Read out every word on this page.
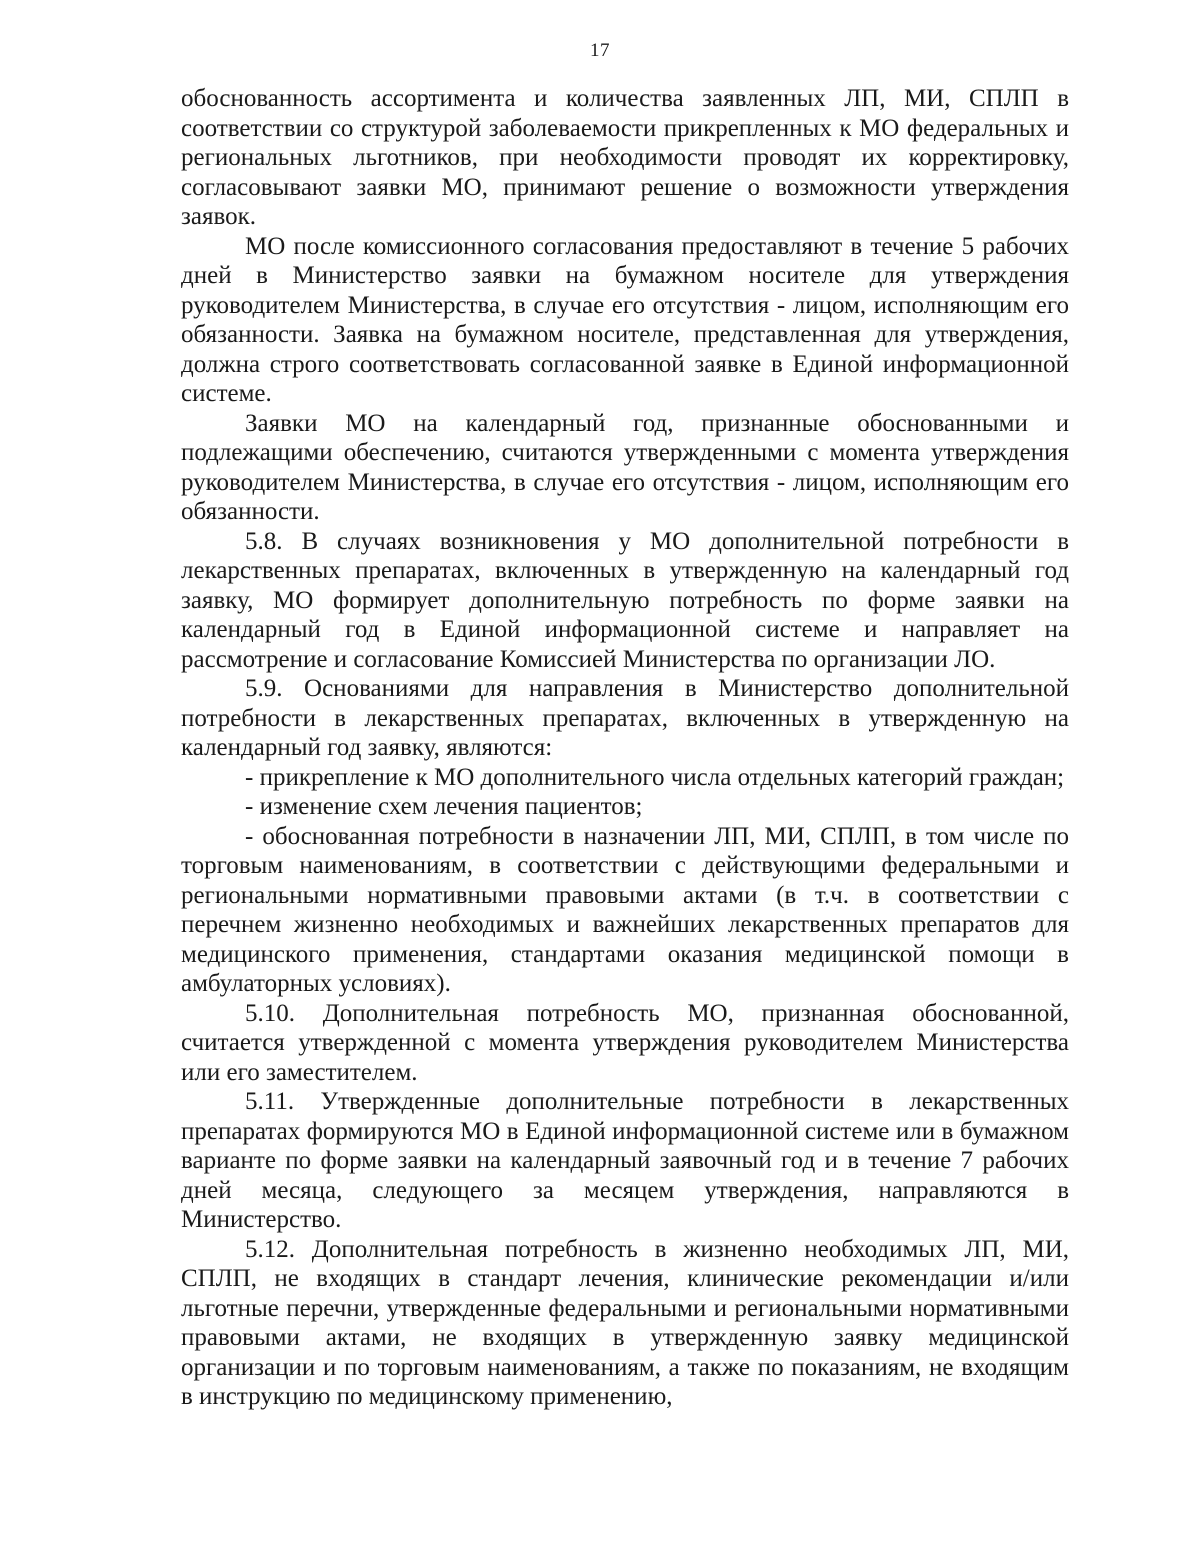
17

обоснованность ассортимента и количества заявленных ЛП, МИ, СПЛП в соответствии со структурой заболеваемости прикрепленных к МО федеральных и региональных льготников, при необходимости проводят их корректировку, согласовывают заявки МО, принимают решение о возможности утверждения заявок.

МО после комиссионного согласования предоставляют в течение 5 рабочих дней в Министерство заявки на бумажном носителе для утверждения руководителем Министерства, в случае его отсутствия - лицом, исполняющим его обязанности. Заявка на бумажном носителе, представленная для утверждения, должна строго соответствовать согласованной заявке в Единой информационной системе.

Заявки МО на календарный год, признанные обоснованными и подлежащими обеспечению, считаются утвержденными с момента утверждения руководителем Министерства, в случае его отсутствия - лицом, исполняющим его обязанности.

5.8. В случаях возникновения у МО дополнительной потребности в лекарственных препаратах, включенных в утвержденную на календарный год заявку, МО формирует дополнительную потребность по форме заявки на календарный год в Единой информационной системе и направляет на рассмотрение и согласование Комиссией Министерства по организации ЛО.

5.9. Основаниями для направления в Министерство дополнительной потребности в лекарственных препаратах, включенных в утвержденную на календарный год заявку, являются:

- прикрепление к МО дополнительного числа отдельных категорий граждан;

- изменение схем лечения пациентов;

- обоснованная потребности в назначении ЛП, МИ, СПЛП, в том числе по торговым наименованиям, в соответствии с действующими федеральными и региональными нормативными правовыми актами (в т.ч. в соответствии с перечнем жизненно необходимых и важнейших лекарственных препаратов для медицинского применения, стандартами оказания медицинской помощи в амбулаторных условиях).

5.10. Дополнительная потребность МО, признанная обоснованной, считается утвержденной с момента утверждения руководителем Министерства или его заместителем.

5.11. Утвержденные дополнительные потребности в лекарственных препаратах формируются МО в Единой информационной системе или в бумажном варианте по форме заявки на календарный заявочный год и в течение 7 рабочих дней месяца, следующего за месяцем утверждения, направляются в Министерство.

5.12. Дополнительная потребность в жизненно необходимых ЛП, МИ, СПЛП, не входящих в стандарт лечения, клинические рекомендации и/или льготные перечни, утвержденные федеральными и региональными нормативными правовыми актами, не входящих в утвержденную заявку медицинской организации и по торговым наименованиям, а также по показаниям, не входящим в инструкцию по медицинскому применению,
